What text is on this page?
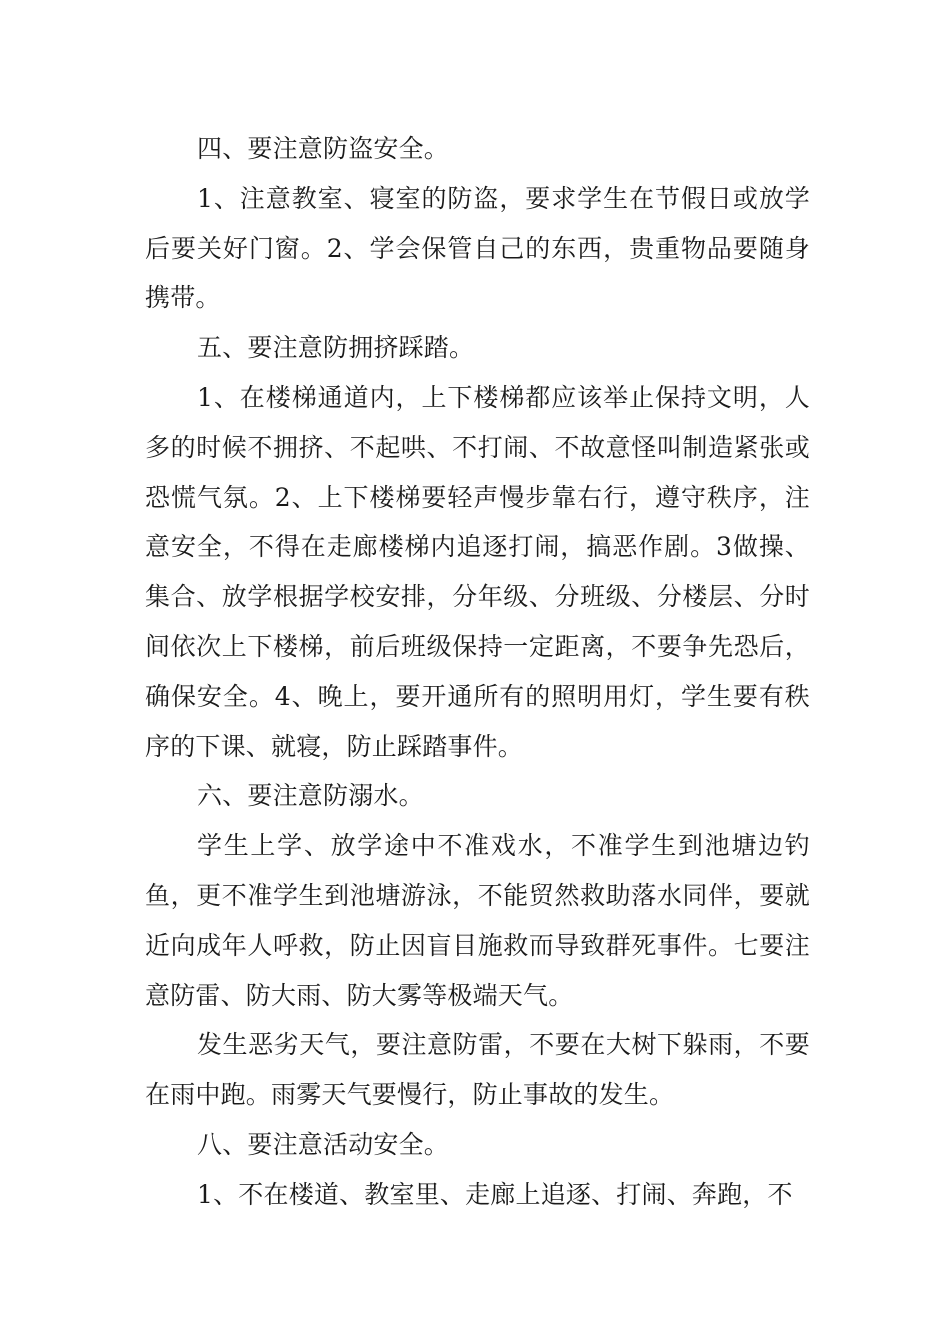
四、要注意防盗安全。

1、注意教室、寝室的防盗，要求学生在节假日或放学后要关好门窗。2、学会保管自己的东西，贵重物品要随身携带。

五、要注意防拥挤踩踏。

1、在楼梯通道内，上下楼梯都应该举止保持文明，人多的时候不拥挤、不起哄、不打闹、不故意怪叫制造紧张或恐慌气氛。2、上下楼梯要轻声慢步靠右行，遵守秩序，注意安全，不得在走廊楼梯内追逐打闹，搞恶作剧。3做操、集合、放学根据学校安排，分年级、分班级、分楼层、分时间依次上下楼梯，前后班级保持一定距离，不要争先恐后，确保安全。4、晚上，要开通所有的照明用灯，学生要有秩序的下课、就寝，防止踩踏事件。

六、要注意防溺水。

学生上学、放学途中不准戏水，不准学生到池塘边钓鱼，更不准学生到池塘游泳，不能贸然救助落水同伴，要就近向成年人呼救，防止因盲目施救而导致群死事件。七要注意防雷、防大雨、防大雾等极端天气。

发生恶劣天气，要注意防雷，不要在大树下躲雨，不要在雨中跑。雨雾天气要慢行，防止事故的发生。

八、要注意活动安全。

1、不在楼道、教室里、走廊上追逐、打闹、奔跑，不
